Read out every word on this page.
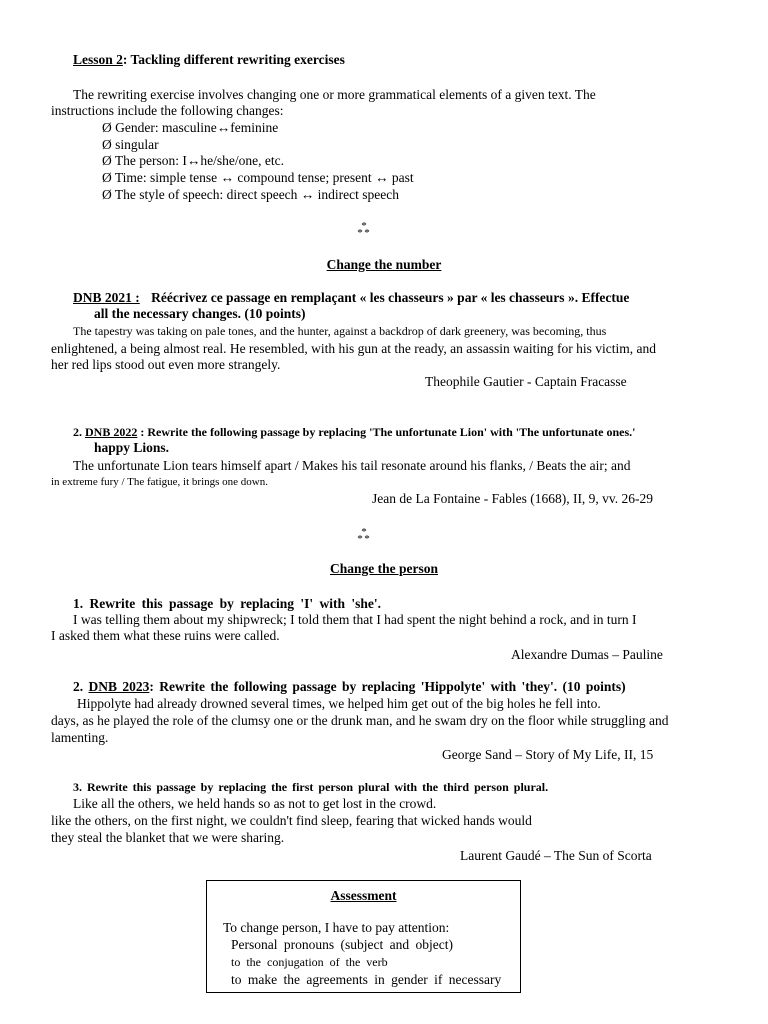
Lesson 2: Tackling different rewriting exercises
The rewriting exercise involves changing one or more grammatical elements of a given text. The
instructions include the following changes:
Ø Gender: masculine↔feminine
Ø singular
Ø The person: I↔he/she/one, etc.
Ø Time: simple tense ↔ compound tense; present ↔ past
Ø The style of speech: direct speech ↔ indirect speech
*
* *
Change the number
DNB 2021 : Réécrivez ce passage en remplaçant « les chasseurs » par « les chasseurs ». Effectue
all the necessary changes. (10 points)
The tapestry was taking on pale tones, and the hunter, against a backdrop of dark greenery, was becoming, thus
enlightened, a being almost real. He resembled, with his gun at the ready, an assassin waiting for his victim, and
her red lips stood out even more strangely.
Theophile Gautier - Captain Fracasse
2. DNB 2022 : Rewrite the following passage by replacing 'The unfortunate Lion' with 'The unfortunate ones.'
happy Lions.
The unfortunate Lion tears himself apart / Makes his tail resonate around his flanks, / Beats the air; and
in extreme fury / The fatigue, it brings one down.
Jean de La Fontaine - Fables (1668), II, 9, vv. 26-29
*
* *
Change the person
1. Rewrite this passage by replacing 'I' with 'she'.
I was telling them about my shipwreck; I told them that I had spent the night behind a rock, and in turn I
I asked them what these ruins were called.
Alexandre Dumas – Pauline
2. DNB 2023: Rewrite the following passage by replacing 'Hippolyte' with 'they'. (10 points)
Hippolyte had already drowned several times, we helped him get out of the big holes he fell into.
days, as he played the role of the clumsy one or the drunk man, and he swam dry on the floor while struggling and
lamenting.
George Sand – Story of My Life, II, 15
3. Rewrite this passage by replacing the first person plural with the third person plural.
Like all the others, we held hands so as not to get lost in the crowd.
like the others, on the first night, we couldn't find sleep, fearing that wicked hands would
they steal the blanket that we were sharing.
Laurent Gaudé – The Sun of Scorta
Assessment
To change person, I have to pay attention:
Personal pronouns (subject and object)
to the conjugation of the verb
to make the agreements in gender if necessary
